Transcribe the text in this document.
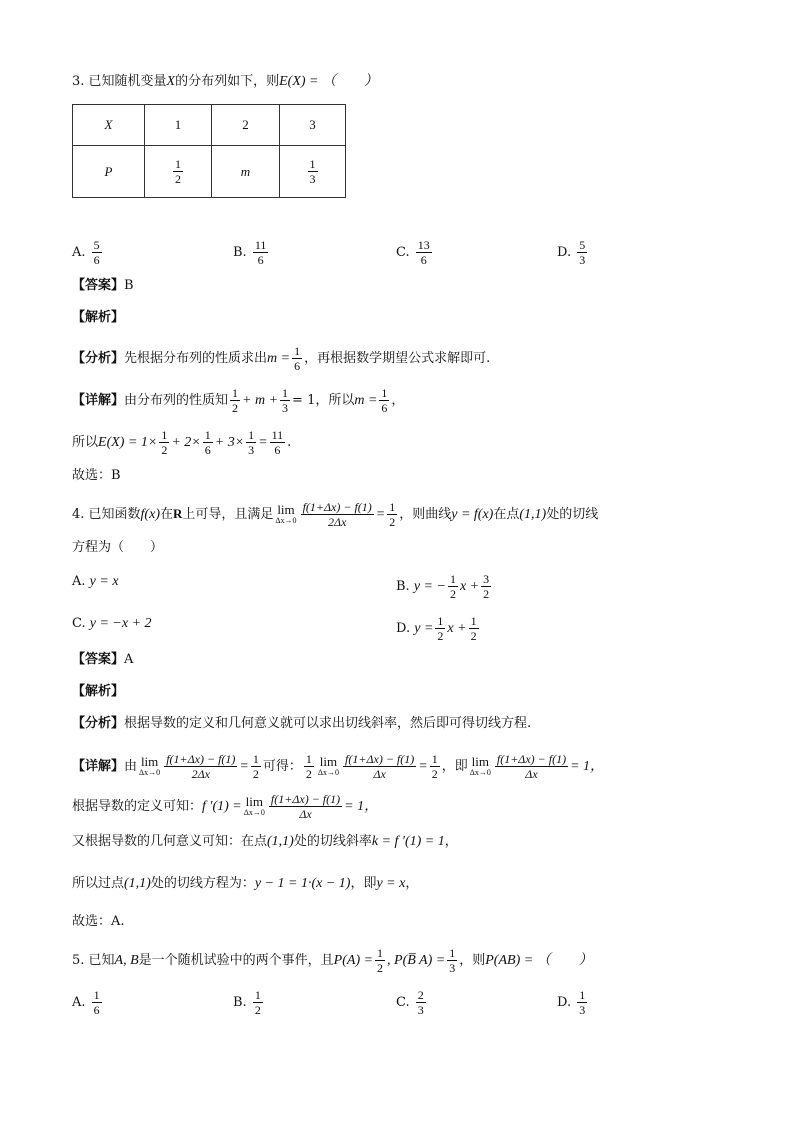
3. 已知随机变量X的分布列如下，则E(X) = （　　）
X	1	2	3
P	$\frac{1}{2}$	m	$\frac{1}{3}$
A. $\frac{5}{6}$	B. $\frac{11}{6}$	C. $\frac{13}{6}$	D. $\frac{5}{3}$
【答案】B
【解析】
【分析】先根据分布列的性质求出$m = \frac{1}{6}$ ，再根据数学期望公式求解即可.
【详解】由分布列的性质知 $\frac{1}{2} + m + \frac{1}{3} = 1$，所以$m = \frac{1}{6}$ ，
所以$E(X) = 1\times \frac{1}{2} + 2\times \frac{1}{6} + 3\times \frac{1}{3} = \frac{11}{6}$ .
故选：B
4. 已知函数f(x)在R上可导，且满足 lim
$\Delta x\to 0 \frac{f(1+\Delta x) - f(1)}{2\Delta x} = \frac{1}{2}$ ，则曲线y = f(x)在点(1,1)处的切线
方程为（　　）
A. y = x	B. y = − $\frac{1}{2}$ $x + \frac{3}{2}$
C. y = −x + 2	D. $y = \frac{1}{2}$ $x + \frac{1}{2}$
【答案】A
【解析】
【分析】根据导数的定义和几何意义就可以求出切线斜率，然后即可得切线方程.
【详解】由 lim
$\Delta x\to 0 \frac{f(1+\Delta x) - f(1)}{2\Delta x} = \frac{1}{2}$ 可得： $\frac{1}{2}$ lim
$\Delta x\to 0 \frac{f(1+\Delta x) - f(1)}{\Delta x} = \frac{1}{2}$ ，即 lim
$\Delta x\to 0 \frac{f(1+\Delta x) - f(1)}{\Delta x} = 1$，
根据导数的定义可知：f ′(1) = lim
$\Delta x\to 0 \frac{f(1+\Delta x) - f(1)}{\Delta x} = 1$，
又根据导数的几何意义可知：在点(1,1)处的切线斜率k = f ′(1) = 1，
所以过点(1,1)处的切线方程为：y − 1 = 1·(x − 1)，即y = x，
故选：A.
5. 已知A, B是一个随机试验中的两个事件，且$P(A) = \frac{1}{2}$ , P(B̅ $A) = \frac{1}{3}$ ，则P(AB) = （　　）
A. $\frac{1}{6}$	B. $\frac{1}{2}$	C. $\frac{2}{3}$	D. $\frac{1}{3}$
